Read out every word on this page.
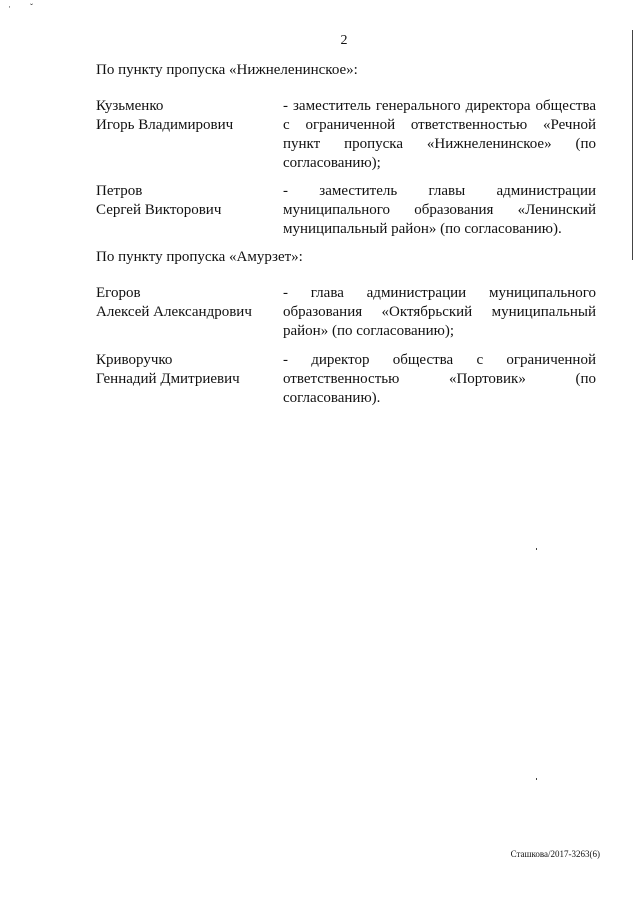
· ˇ
2
По пункту пропуска «Нижнеленинское»:
Кузьменко
Игорь Владимирович
- заместитель генерального директора общества с ограниченной ответственностью «Речной пункт пропуска «Нижнеленинское» (по согласованию);
Петров
Сергей Викторович
- заместитель главы администрации муниципального образования «Ленинский муниципальный район» (по согласованию).
По пункту пропуска «Амурзет»:
Егоров
Алексей Александрович
- глава администрации муниципального образования «Октябрьский муниципальный район» (по согласованию);
Криворучко
Геннадий Дмитриевич
- директор общества с ограниченной ответственностью «Портовик» (по согласованию).
Сташкова/2017-3263(6)
